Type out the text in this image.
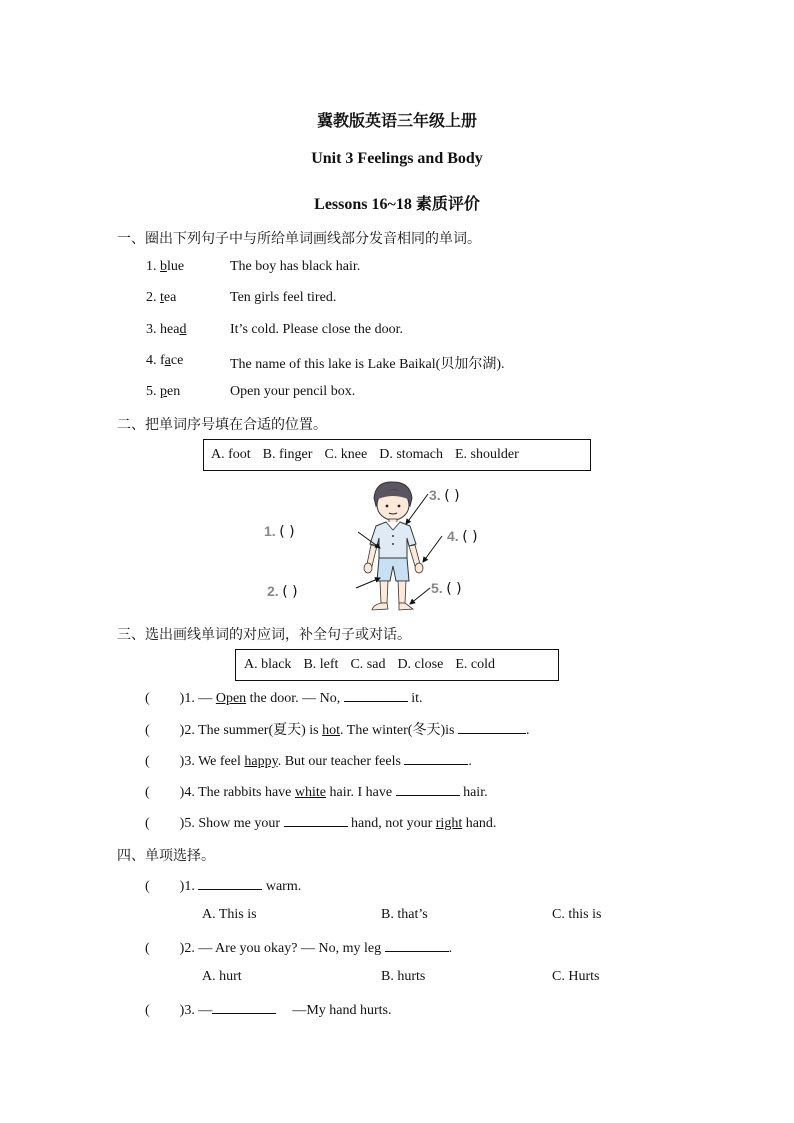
冀教版英语三年级上册
Unit 3 Feelings and Body
Lessons 16~18 素质评价
一、圈出下列句子中与所给单词画线部分发音相同的单词。
1. blue	The boy has black hair.
2. tea	Ten girls feel tired.
3. head	It’s cold. Please close the door.
4. face	The name of this lake is Lake Baikal(贝加尔湖).
5. pen	Open your pencil box.
二、把单词序号填在合适的位置。
A. foot B. finger C. knee D. stomach E. shoulder
1. ( )
2. ( )
3. ( )
4. ( )
5. ( )
三、选出画线单词的对应词，补全句子或对话。
A. black B. left C. sad D. close E. cold
( )1. — Open the door. — No,	it.
( )2. The summer(夏天) is hot. The winter(冬天)is	.
( )3. We feel happy. But our teacher feels	.
( )4. The rabbits have white hair. I have	hair.
( )5. Show me your	hand, not your right hand.
四、单项选择。
( )1.	warm.
A. This is	B. that’s	C. this is
( )2. — Are you okay? — No, my leg	.
A. hurt	B. hurts	C. Hurts
( )3. —	—My hand hurts.
